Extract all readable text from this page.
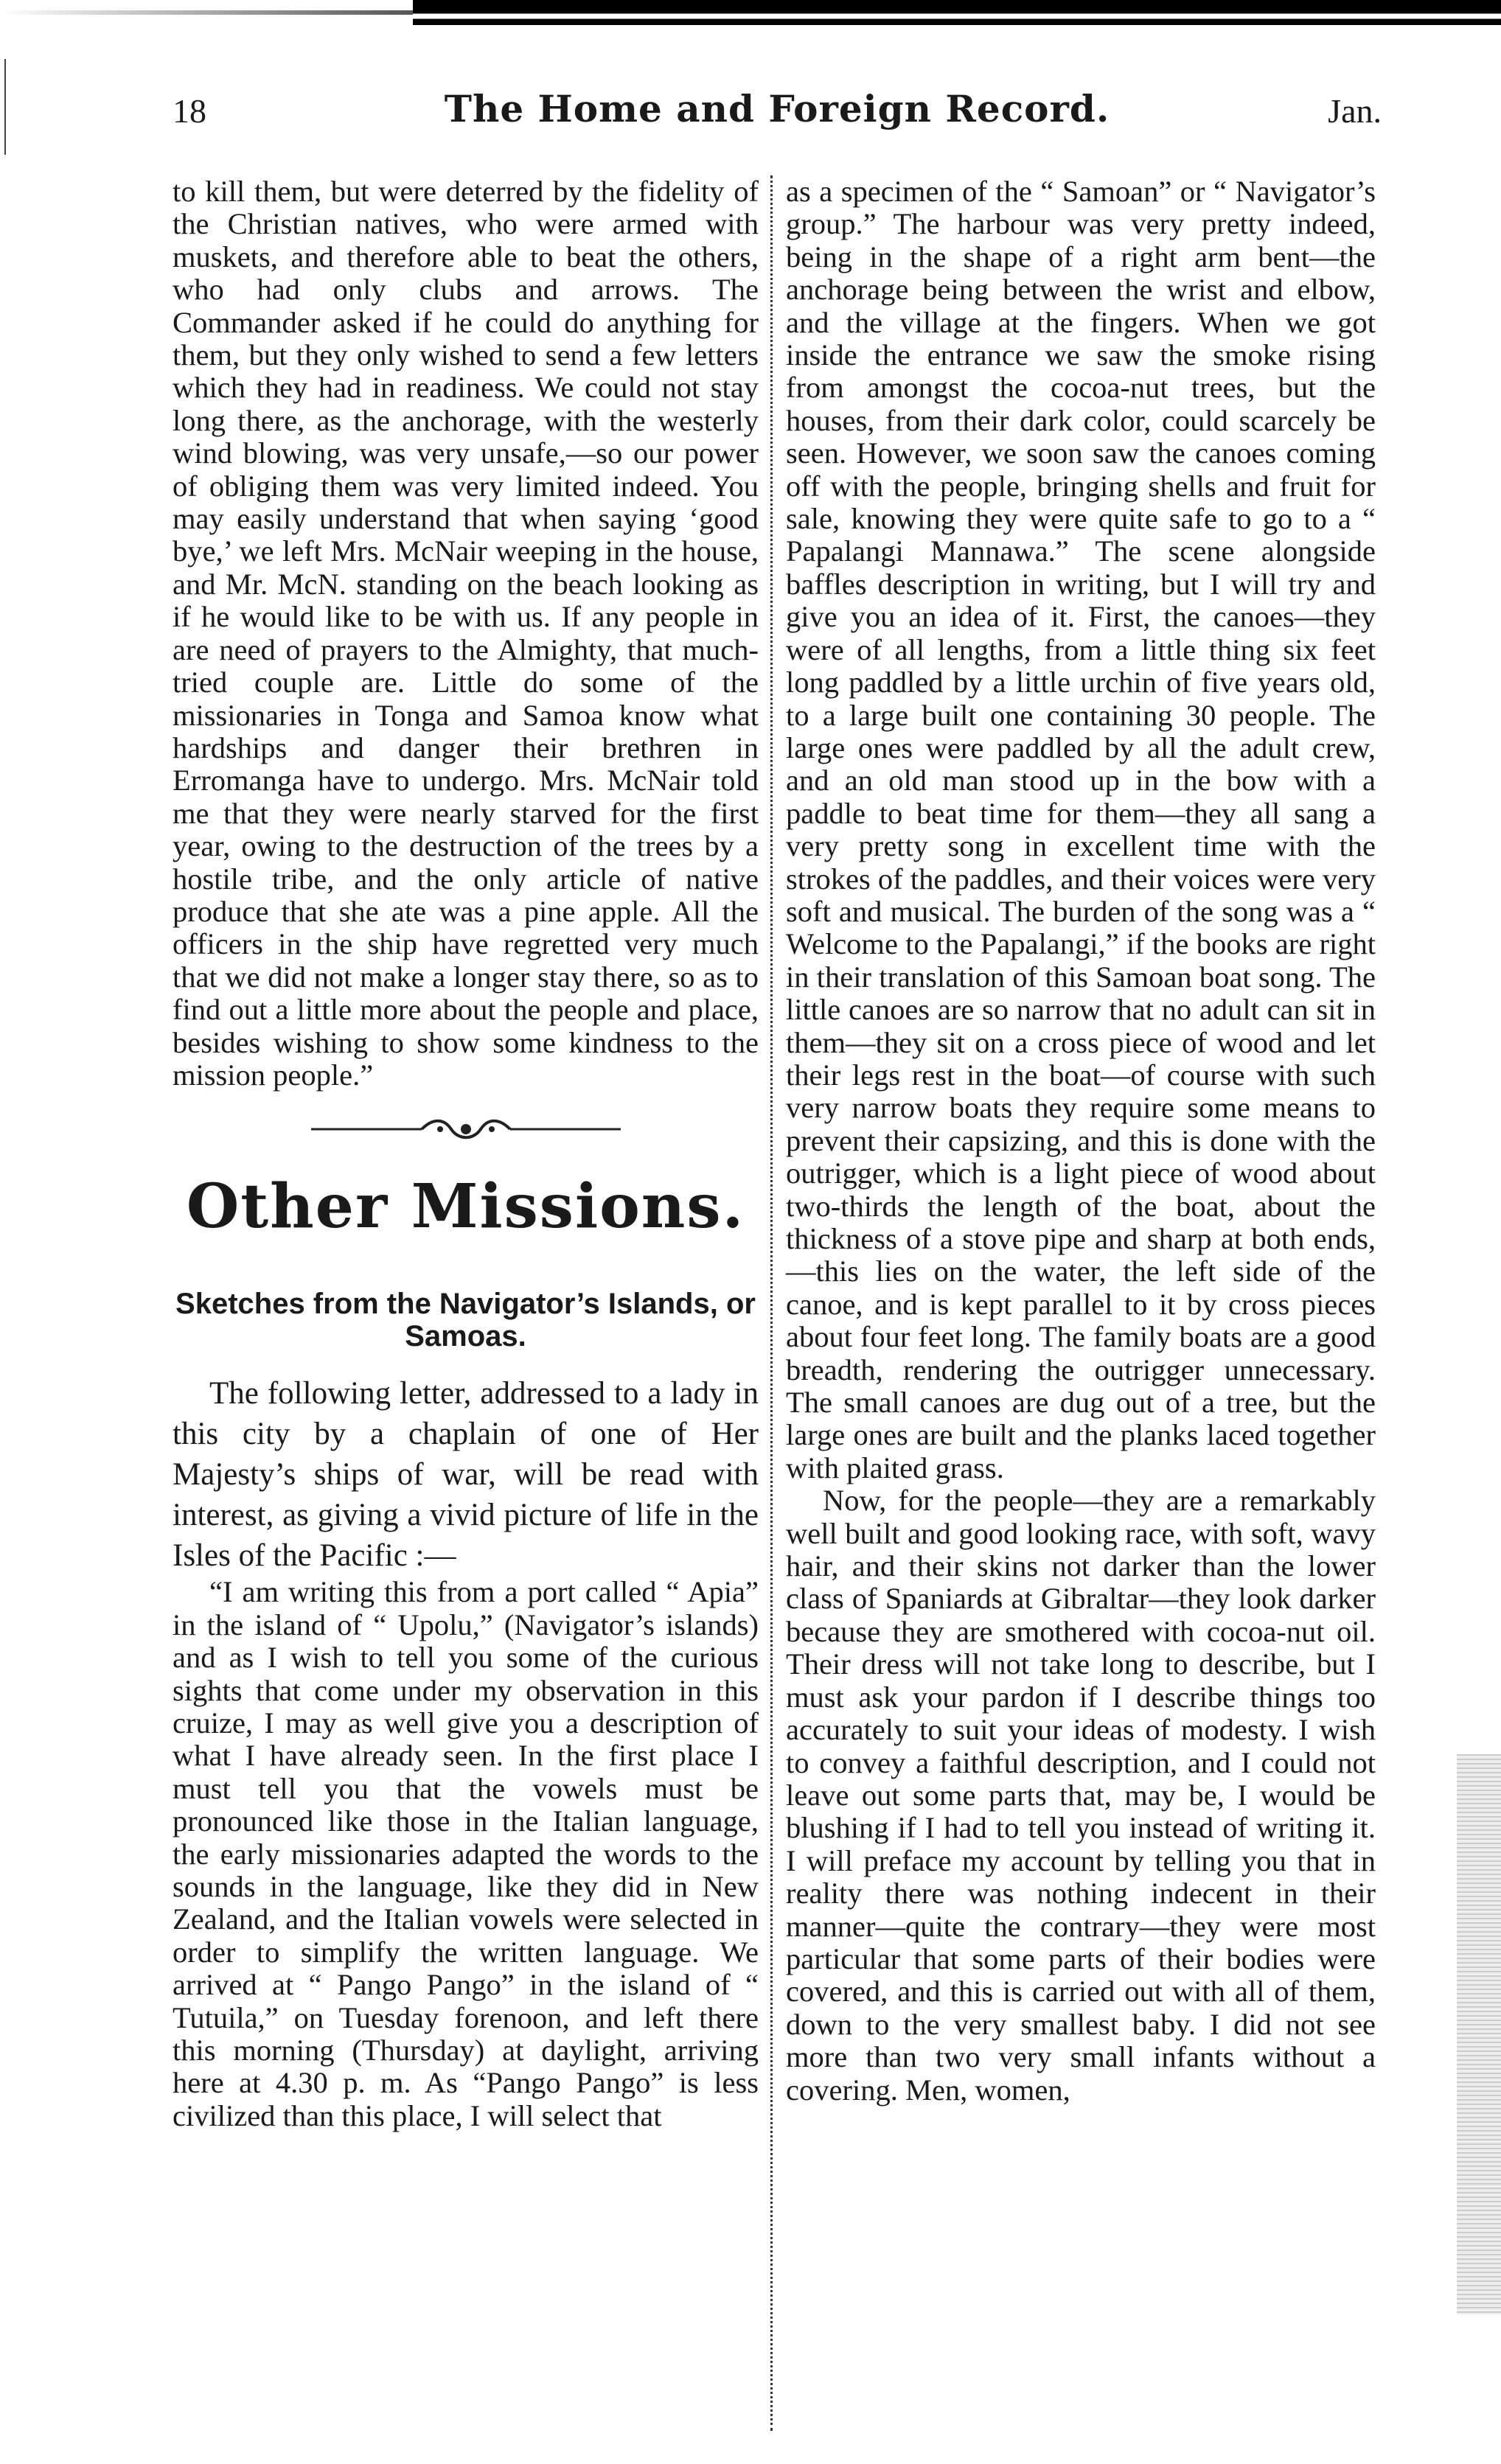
18	The Home and Foreign Record.	Jan.

to kill them, but were deterred by the fidelity of the Christian natives, who were armed with muskets, and therefore able to beat the others, who had only clubs and arrows. The Commander asked if he could do anything for them, but they only wished to send a few letters which they had in readiness. We could not stay long there, as the anchorage, with the westerly wind blowing, was very unsafe,—so our power of obliging them was very limited indeed. You may easily understand that when saying ‘good bye,’ we left Mrs. McNair weeping in the house, and Mr. McN. standing on the beach looking as if he would like to be with us. If any people in are need of prayers to the Almighty, that much-tried couple are. Little do some of the missionaries in Tonga and Samoa know what hardships and danger their brethren in Erromanga have to undergo. Mrs. McNair told me that they were nearly starved for the first year, owing to the destruction of the trees by a hostile tribe, and the only article of native produce that she ate was a pine apple. All the officers in the ship have regretted very much that we did not make a longer stay there, so as to find out a little more about the people and place, besides wishing to show some kindness to the mission people.”

Other Missions.
Sketches from the Navigator’s Islands, or Samoas.

The following letter, addressed to a lady in this city by a chaplain of one of Her Majesty’s ships of war, will be read with interest, as giving a vivid picture of life in the Isles of the Pacific :—

“I am writing this from a port called “ Apia” in the island of “ Upolu,” (Navigator’s islands) and as I wish to tell you some of the curious sights that come under my observation in this cruize, I may as well give you a description of what I have already seen. In the first place I must tell you that the vowels must be pronounced like those in the Italian language, the early missionaries adapted the words to the sounds in the language, like they did in New Zealand, and the Italian vowels were selected in order to simplify the written language. We arrived at “ Pango Pango” in the island of “ Tutuila,” on Tuesday forenoon, and left there this morning (Thursday) at daylight, arriving here at 4.30 p. m. As “Pango Pango” is less civilized than this place, I will select that

as a specimen of the “ Samoan” or “ Navigator’s group.” The harbour was very pretty indeed, being in the shape of a right arm bent—the anchorage being between the wrist and elbow, and the village at the fingers. When we got inside the entrance we saw the smoke rising from amongst the cocoa-nut trees, but the houses, from their dark color, could scarcely be seen. However, we soon saw the canoes coming off with the people, bringing shells and fruit for sale, knowing they were quite safe to go to a “ Papalangi Mannawa.” The scene alongside baffles description in writing, but I will try and give you an idea of it. First, the canoes—they were of all lengths, from a little thing six feet long paddled by a little urchin of five years old, to a large built one containing 30 people. The large ones were paddled by all the adult crew, and an old man stood up in the bow with a paddle to beat time for them—they all sang a very pretty song in excellent time with the strokes of the paddles, and their voices were very soft and musical. The burden of the song was a “ Welcome to the Papalangi,” if the books are right in their translation of this Samoan boat song. The little canoes are so narrow that no adult can sit in them—they sit on a cross piece of wood and let their legs rest in the boat—of course with such very narrow boats they require some means to prevent their capsizing, and this is done with the outrigger, which is a light piece of wood about two-thirds the length of the boat, about the thickness of a stove pipe and sharp at both ends,—this lies on the water, the left side of the canoe, and is kept parallel to it by cross pieces about four feet long. The family boats are a good breadth, rendering the outrigger unnecessary. The small canoes are dug out of a tree, but the large ones are built and the planks laced together with plaited grass.

Now, for the people—they are a remarkably well built and good looking race, with soft, wavy hair, and their skins not darker than the lower class of Spaniards at Gibraltar—they look darker because they are smothered with cocoa-nut oil. Their dress will not take long to describe, but I must ask your pardon if I describe things too accurately to suit your ideas of modesty. I wish to convey a faithful description, and I could not leave out some parts that, may be, I would be blushing if I had to tell you instead of writing it. I will preface my account by telling you that in reality there was nothing indecent in their manner—quite the contrary—they were most particular that some parts of their bodies were covered, and this is carried out with all of them, down to the very smallest baby. I did not see more than two very small infants without a covering. Men, women,
